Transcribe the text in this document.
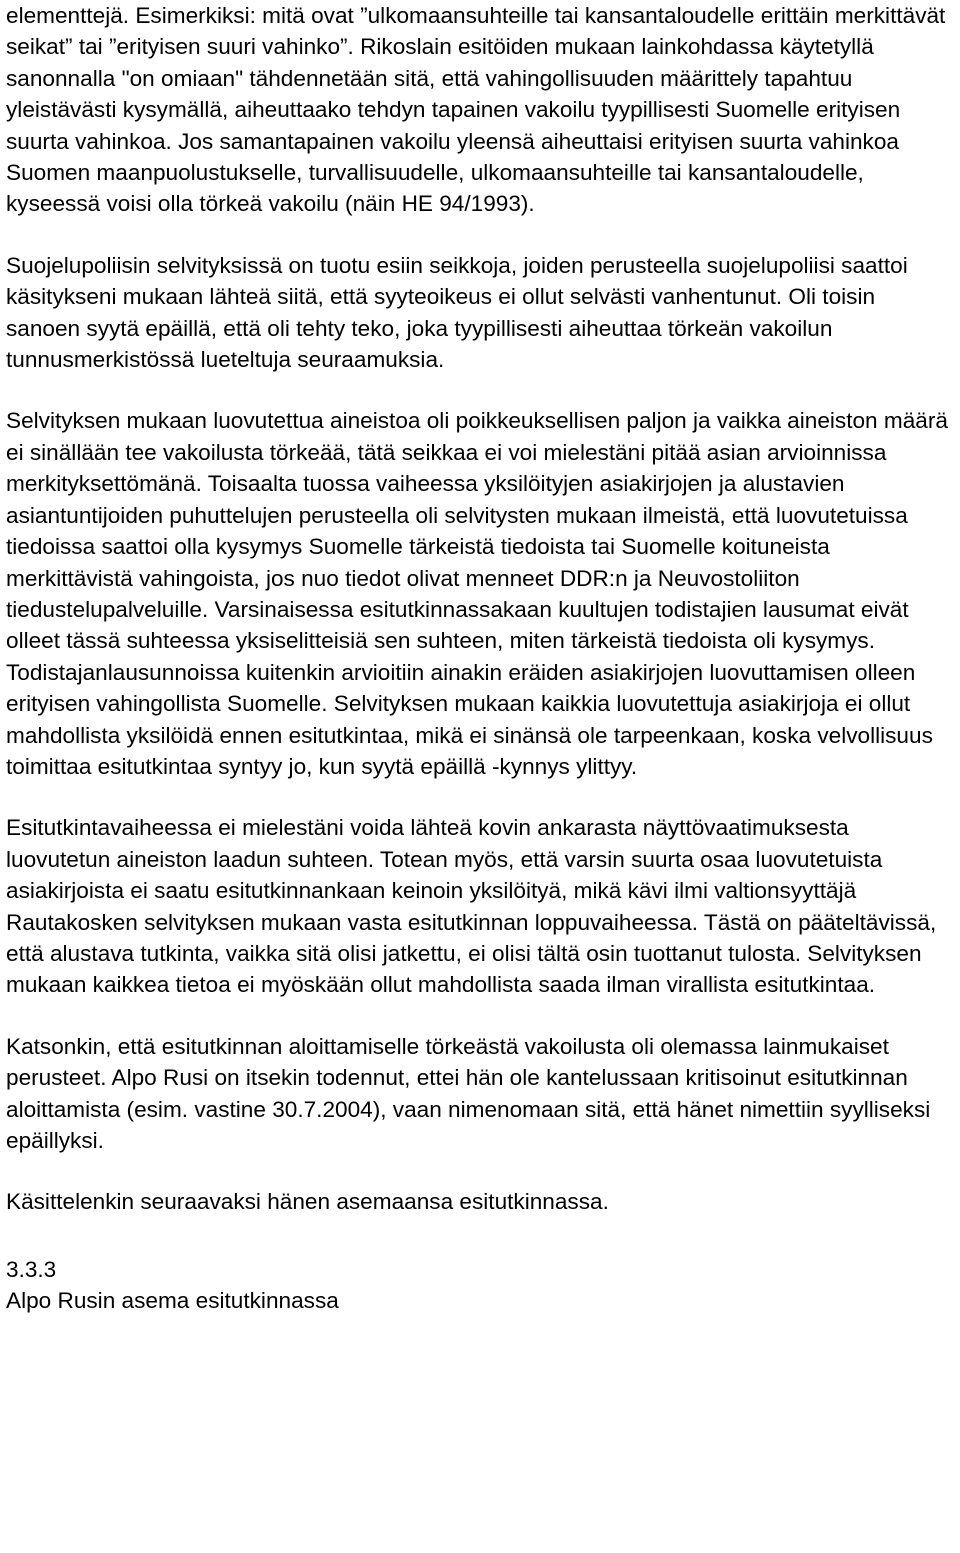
elementtejä. Esimerkiksi: mitä ovat ”ulkomaansuhteille tai kansantaloudelle erittäin merkittävät seikat” tai ”erityisen suuri vahinko”. Rikoslain esitöiden mukaan lainkohdassa käytetyllä sanonnalla "on omiaan" tähdennetään sitä, että vahingollisuuden määrittely tapahtuu yleistävästi kysymällä, aiheuttaako tehdyn tapainen vakoilu tyypillisesti Suomelle erityisen suurta vahinkoa. Jos samantapainen vakoilu yleensä aiheuttaisi erityisen suurta vahinkoa Suomen maanpuolustukselle, turvallisuudelle, ulkomaansuhteille tai kansantaloudelle, kyseessä voisi olla törkeä vakoilu (näin HE 94/1993).

Suojelupoliisin selvityksissä on tuotu esiin seikkoja, joiden perusteella suojelupoliisi saattoi käsitykseni mukaan lähteä siitä, että syyteoikeus ei ollut selvästi vanhentunut. Oli toisin sanoen syytä epäillä, että oli tehty teko, joka tyypillisesti aiheuttaa törkeän vakoilun tunnusmerkistössä lueteltuja seuraamuksia.

Selvityksen mukaan luovutettua aineistoa oli poikkeuksellisen paljon ja vaikka aineiston määrä ei sinällään tee vakoilusta törkeää, tätä seikkaa ei voi mielestäni pitää asian arvioinnissa merkityksettömänä. Toisaalta tuossa vaiheessa yksilöityjen asiakirjojen ja alustavien asiantuntijoiden puhuttelujen perusteella oli selvitysten mukaan ilmeistä, että luovutetuissa tiedoissa saattoi olla kysymys Suomelle tärkeistä tiedoista tai Suomelle koituneista merkittävistä vahingoista, jos nuo tiedot olivat menneet DDR:n ja Neuvostoliiton tiedustelupalveluille. Varsinaisessa esitutkinnassakaan kuultujen todistajien lausumat eivät olleet tässä suhteessa yksiselitteisiä sen suhteen, miten tärkeistä tiedoista oli kysymys. Todistajanlausunnoissa kuitenkin arvioitiin ainakin eräiden asiakirjojen luovuttamisen olleen erityisen vahingollista Suomelle. Selvityksen mukaan kaikkia luovutettuja asiakirjoja ei ollut mahdollista yksilöidä ennen esitutkintaa, mikä ei sinänsä ole tarpeenkaan, koska velvollisuus toimittaa esitutkintaa syntyy jo, kun syytä epäillä -kynnys ylittyy.

Esitutkintavaiheessa ei mielestäni voida lähteä kovin ankarasta näyttövaatimuksesta luovutetun aineiston laadun suhteen. Totean myös, että varsin suurta osaa luovutetuista asiakirjoista ei saatu esitutkinnankaan keinoin yksilöityä, mikä kävi ilmi valtionsyyttäjä Rautakosken selvityksen mukaan vasta esitutkinnan loppuvaiheessa. Tästä on pääteltävissä, että alustava tutkinta, vaikka sitä olisi jatkettu, ei olisi tältä osin tuottanut tulosta. Selvityksen mukaan kaikkea tietoa ei myöskään ollut mahdollista saada ilman virallista esitutkintaa.

Katsonkin, että esitutkinnan aloittamiselle törkeästä vakoilusta oli olemassa lainmukaiset perusteet. Alpo Rusi on itsekin todennut, ettei hän ole kantelussaan kritisoinut esitutkinnan aloittamista (esim. vastine 30.7.2004), vaan nimenomaan sitä, että hänet nimettiin syylliseksi epäillyksi.

Käsittelenkin seuraavaksi hänen asemaansa esitutkinnassa.

3.3.3

Alpo Rusin asema esitutkinnassa
